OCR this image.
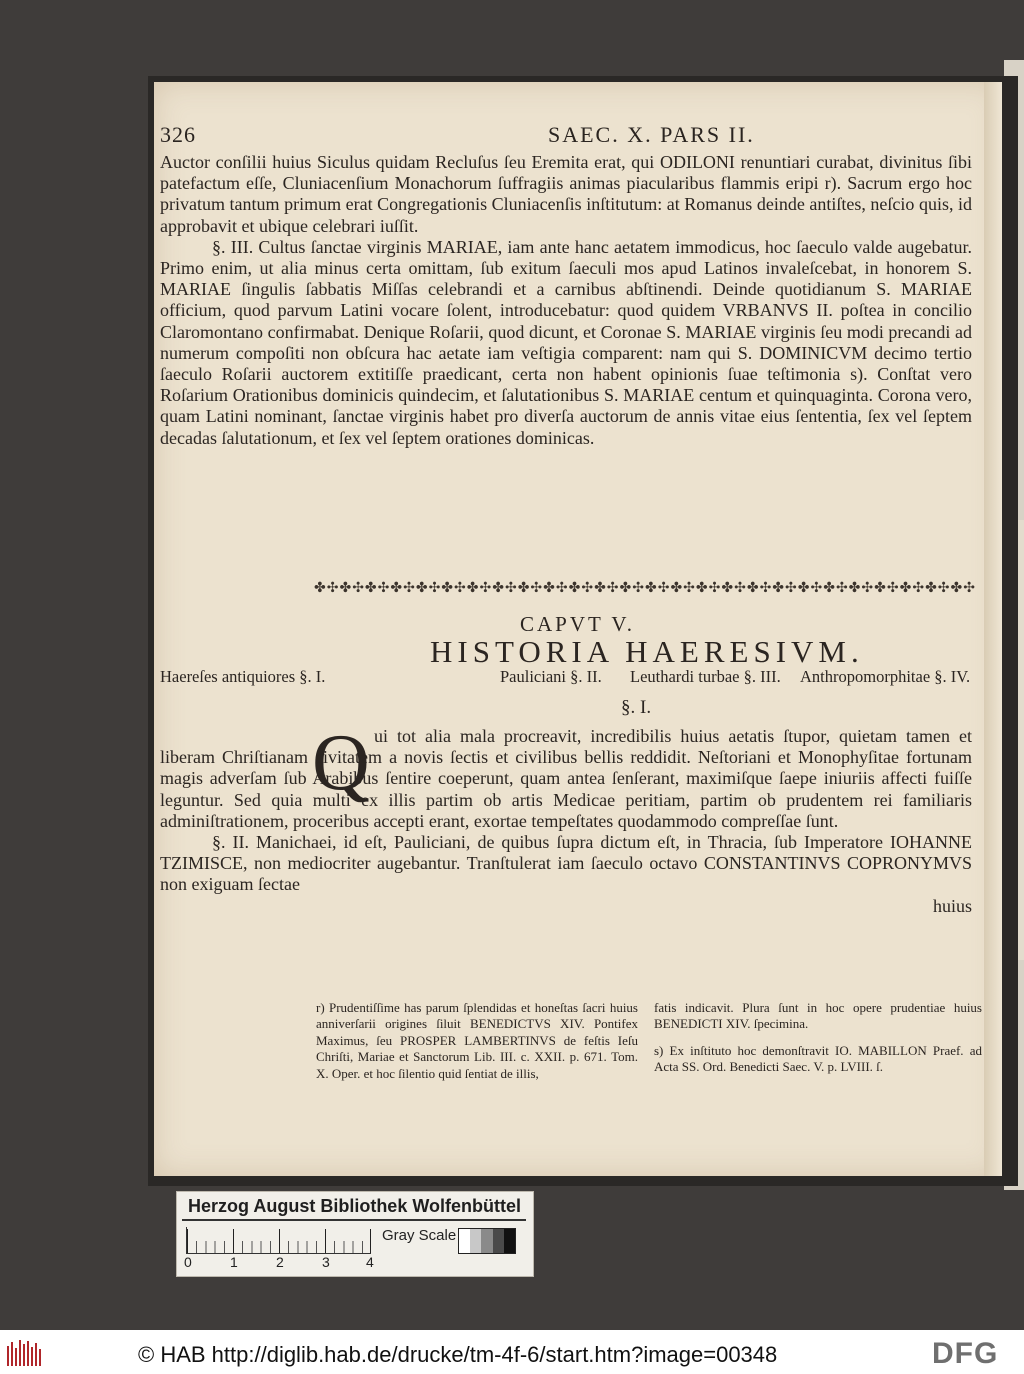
326	SAEC. X. PARS II.

Auctor conſilii huius Siculus quidam Recluſus ſeu Eremita erat, qui ODILONI renuntiari curabat, divinitus ſibi patefactum eſſe, Cluniacenſium Monachorum ſuffragiis animas piacularibus flammis eripi r). Sacrum ergo hoc privatum tantum primum erat Congregationis Cluniacenſis inſtitutum: at Romanus deinde antiſtes, neſcio quis, id approbavit et ubique celebrari iuſſit.

§. III. Cultus ſanctae virginis MARIAE, iam ante hanc aetatem immodicus, hoc ſaeculo valde augebatur. Primo enim, ut alia minus certa omittam, ſub exitum ſaeculi mos apud Latinos invaleſcebat, in honorem S. MARIAE ſingulis ſabbatis Miſſas celebrandi et a carnibus abſtinendi. Deinde quotidianum S. MARIAE officium, quod parvum Latini vocare ſolent, introducebatur: quod quidem VRBANVS II. poſtea in concilio Claromontano confirmabat. Denique Roſarii, quod dicunt, et Coronae S. MARIAE virginis ſeu modi precandi ad numerum compoſiti non obſcura hac aetate iam veſtigia comparent: nam qui S. DOMINICVM decimo tertio ſaeculo Roſarii auctorem extitiſſe praedicant, certa non habent opinionis ſuae teſtimonia s). Conſtat vero Roſarium Orationibus dominicis quindecim, et ſalutationibus S. MARIAE centum et quinquaginta. Corona vero, quam Latini nominant, ſanctae virginis habet pro diverſa auctorum de annis vitae eius ſententia, ſex vel ſeptem decadas ſalutationum, et ſex vel ſeptem orationes dominicas.

✤✣✤✣✤✣✤✣✤✣✤✣✤✣✤✣✤✣✤✣✤✣✤✣✤✣✤✣✤✣✤✣✤✣✤✣✤✣✤✣✤✣✤✣✤✣✤✣✤✣✤✣
CAPVT V.
HISTORIA HAERESIVM.
Haereſes antiquiores §. I.	Pauliciani §. II. Leuthardi turbae §. III. Anthropomorphitae §. IV.
§. I.
Q ui tot alia mala procreavit, incredibilis huius aetatis ſtupor, quietam tamen et liberam Chriſtianam civitatem a novis ſectis et civilibus bellis reddidit. Neſtoriani et Monophyſitae fortunam magis adverſam ſub Arabibus ſentire coeperunt, quam antea ſenſerant, maximiſque ſaepe iniuriis affecti fuiſſe leguntur. Sed quia multi ex illis partim ob artis Medicae peritiam, partim ob prudentem rei familiaris adminiſtrationem, proceribus accepti erant, exortae tempeſtates quodammodo compreſſae ſunt.

§. II. Manichaei, id eſt, Pauliciani, de quibus ſupra dictum eſt, in Thracia, ſub Imperatore IOHANNE TZIMISCE, non mediocriter augebantur. Tranſtulerat iam ſaeculo octavo CONSTANTINVS COPRONYMVS non exiguam ſectae

huius

r) Prudentiſſime has parum ſplendidas et honeſtas ſacri huius anniverſarii origines ſiluit BENEDICTVS XIV. Pontifex Maximus, ſeu PROSPER LAMBERTINVS de feſtis Ieſu Chriſti, Mariae et Sanctorum Lib. III. c. XXII. p. 671. Tom. X. Oper. et hoc ſilentio quid ſentiat de illis,

fatis indicavit. Plura ſunt in hoc opere prudentiae huius BENEDICTI XIV. ſpecimina.

s) Ex inſtituto hoc demonſtravit IO. MABILLON Praef. ad Acta SS. Ord. Benedicti Saec. V. p. LVIII. ſ.

Herzog August Bibliothek Wolfenbüttel
0	1	2	3	4
Gray Scale
© HAB http://diglib.hab.de/drucke/tm-4f-6/start.htm?image=00348	DFG
